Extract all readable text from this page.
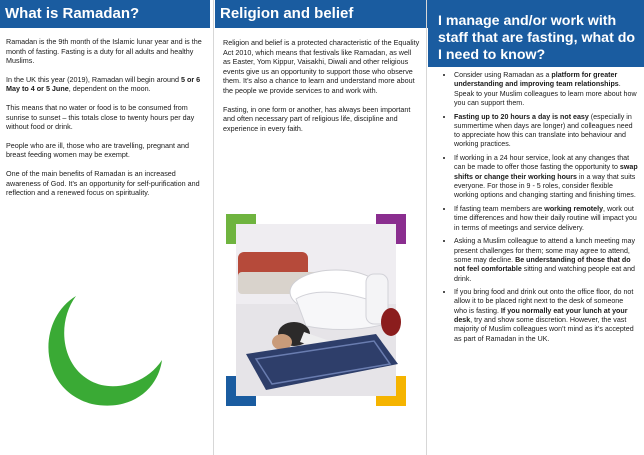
What is Ramadan?

Ramadan is the 9th month of the Islamic lunar year and is the month of fasting. Fasting is a duty for all adults and healthy Muslims.

In the UK this year (2019), Ramadan will begin around 5 or 6 May to 4 or 5 June, dependent on the moon.

This means that no water or food is to be consumed from sunrise to sunset – this totals close to twenty hours per day without food or drink.

People who are ill, those who are travelling, pregnant and breast feeding women may be exempt.

One of the main benefits of Ramadan is an increased awareness of God. It’s an opportunity for self-purification and reflection and a renewed focus on spirituality.

Religion and belief

Religion and belief is a protected characteristic of the Equality Act 2010, which means that festivals like Ramadan, as well as Easter, Yom Kippur, Vaisakhi, Diwali and other religious events give us an opportunity to support those who observe them. It’s also a chance to learn and understand more about the people we provide services to and work with.

Fasting, in one form or another, has always been important and often necessary part of religious life, discipline and experience in every faith.

I manage and/or work with staff that are fasting, what do I need to know?
• Consider using Ramadan as a platform for greater understanding and improving team relationships. Speak to your Muslim colleagues to learn more about how you can support them.
• Fasting up to 20 hours a day is not easy (especially in summertime when days are longer) and colleagues need to appreciate how this can translate into behaviour and working practices.
• If working in a 24 hour service, look at any changes that can be made to offer those fasting the opportunity to swap shifts or change their working hours in a way that suits everyone. For those in 9 - 5 roles, consider flexible working options and changing starting and finishing times.
• If fasting team members are working remotely, work out time differences and how their daily routine will impact you in terms of meetings and service delivery.
• Asking a Muslim colleague to attend a lunch meeting may present challenges for them; some may agree to attend, some may decline. Be understanding of those that do not feel comfortable sitting and watching people eat and drink.
• If you bring food and drink out onto the office floor, do not allow it to be placed right next to the desk of someone who is fasting. If you normally eat your lunch at your desk, try and show some discretion. However, the vast majority of Muslim colleagues won’t mind as it’s accepted as part of Ramadan in the UK.
